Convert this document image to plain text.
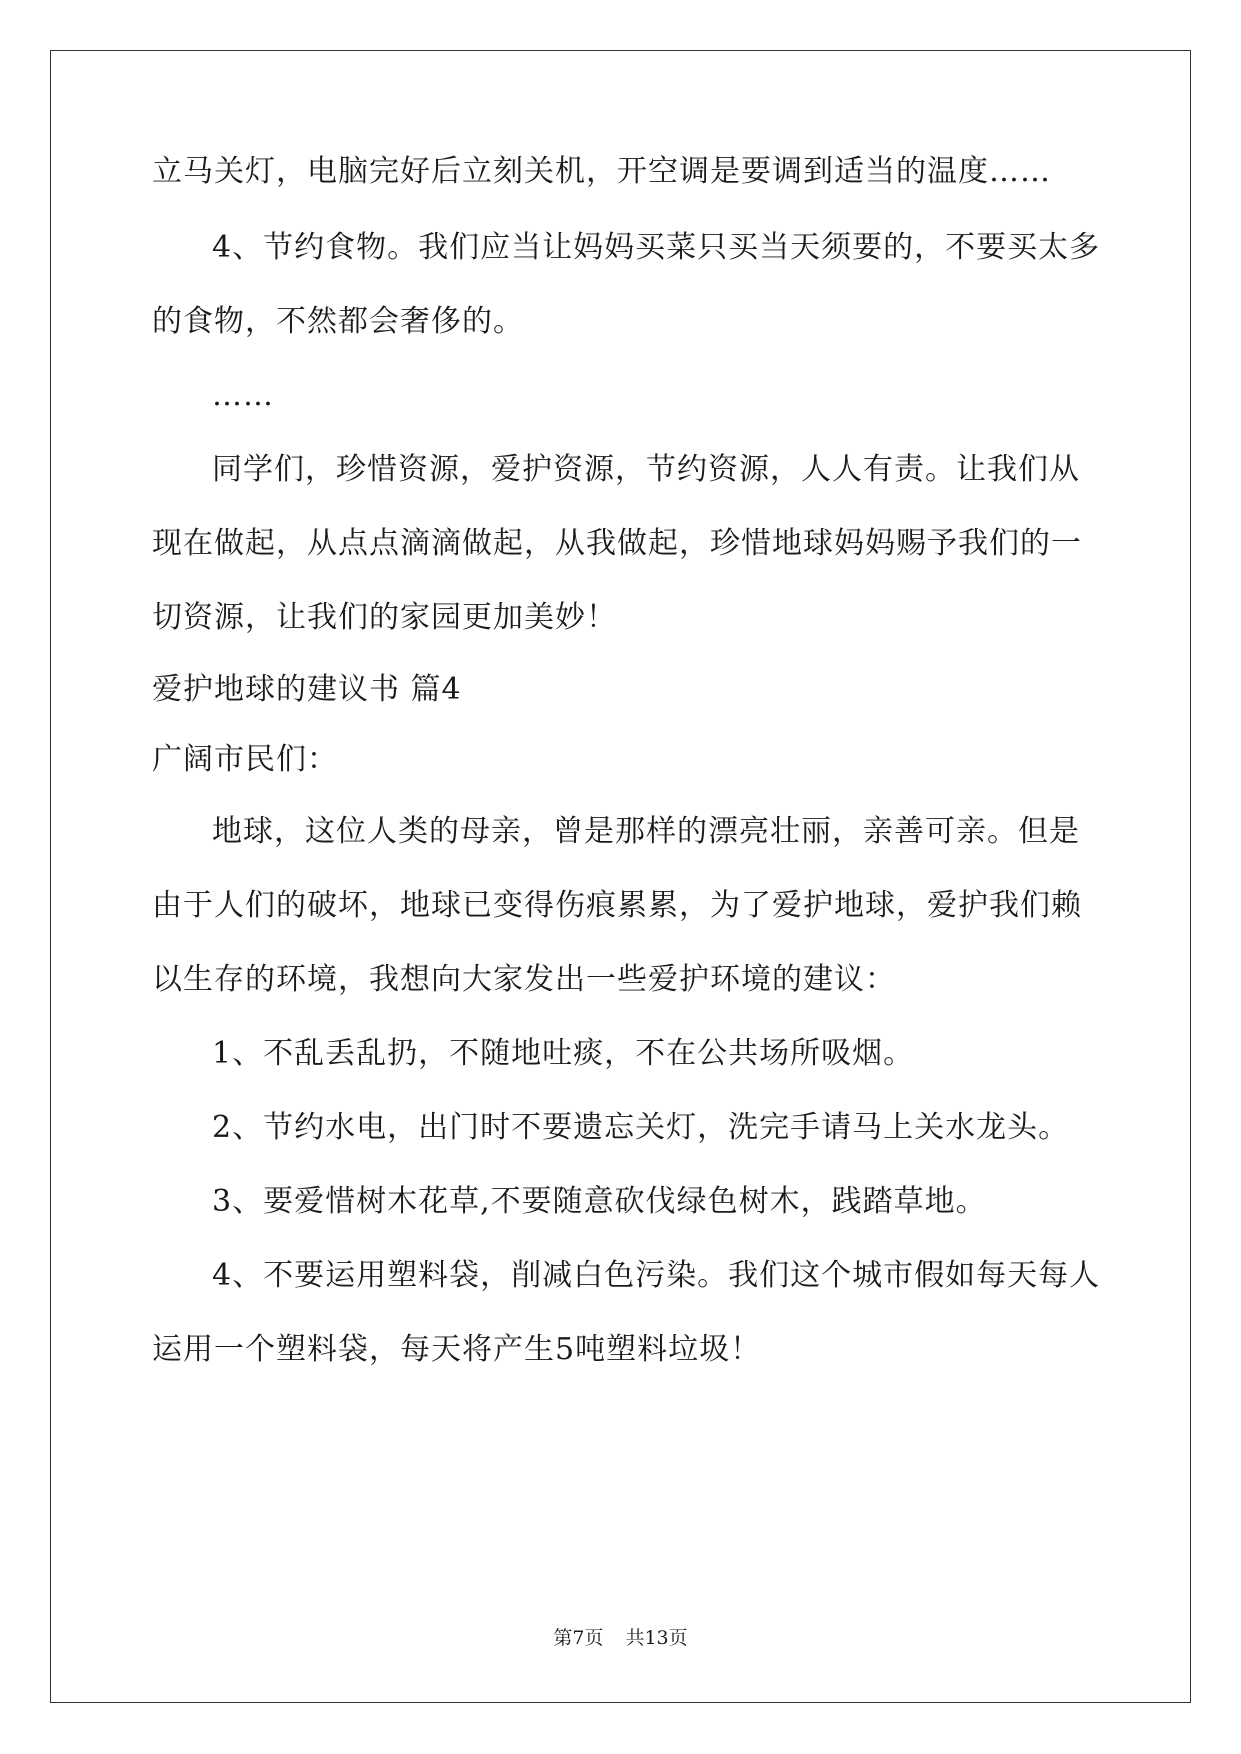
立马关灯，电脑完好后立刻关机，开空调是要调到适当的温度……
4、节约食物。我们应当让妈妈买菜只买当天须要的，不要买太多
的食物，不然都会奢侈的。
……
同学们，珍惜资源，爱护资源，节约资源，人人有责。让我们从
现在做起，从点点滴滴做起，从我做起，珍惜地球妈妈赐予我们的一
切资源，让我们的家园更加美妙！
爱护地球的建议书 篇4
广阔市民们：
地球，这位人类的母亲，曾是那样的漂亮壮丽，亲善可亲。但是
由于人们的破坏，地球已变得伤痕累累，为了爱护地球，爱护我们赖
以生存的环境，我想向大家发出一些爱护环境的建议：
1、不乱丢乱扔，不随地吐痰，不在公共场所吸烟。
2、节约水电，出门时不要遗忘关灯，洗完手请马上关水龙头。
3、要爱惜树木花草,不要随意砍伐绿色树木，践踏草地。
4、不要运用塑料袋，削减白色污染。我们这个城市假如每天每人
运用一个塑料袋，每天将产生5吨塑料垃圾！
第7页 共13页
